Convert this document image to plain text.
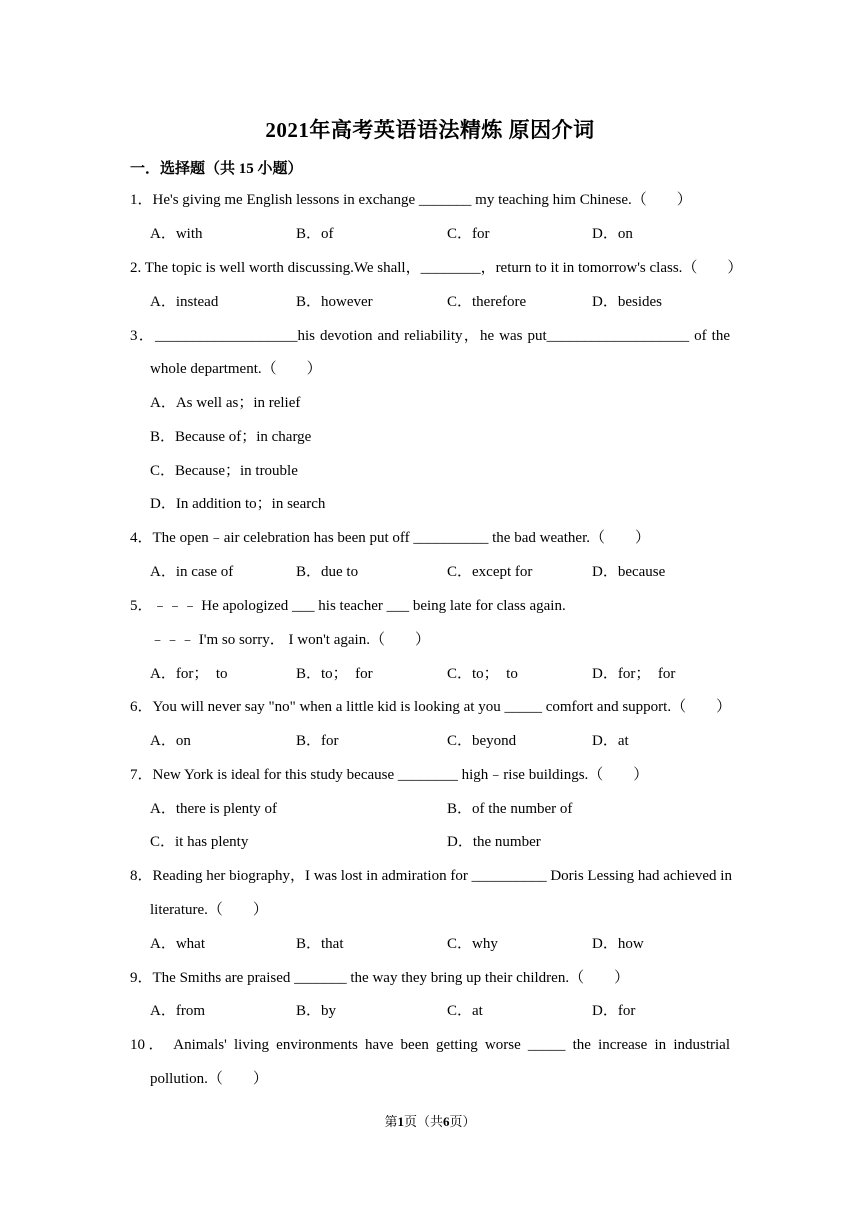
2021年高考英语语法精炼 原因介词
一．选择题（共 15 小题）
1．He's giving me English lessons in exchange _______ my teaching him Chinese.（　　）
A．with	B．of	C．for	D．on
2. The topic is well worth discussing.We shall，________，return to it in tomorrow's class.（　　）
A．instead	B．however	C．therefore	D．besides
3．___________________his devotion and reliability，he was put___________________ of the
whole department.（　　）
A．As well as；in relief
B．Because of；in charge
C．Because；in trouble
D．In addition to；in search
4．The open﹣air celebration has been put off __________ the bad weather.（　　）
A．in case of	B．due to	C．except for	D．because
5．﹣﹣﹣ He apologized ___ his teacher ___ being late for class again.
﹣﹣﹣ I'm so sorry． I won't again.（　　）
A．for；  to	B．to；  for	C．to；  to	D．for；  for
6．You will never say "no" when a little kid is looking at you _____ comfort and support.（　　）
A．on	B．for	C．beyond	D．at
7．New York is ideal for this study because ________ high﹣rise buildings.（　　）
A．there is plenty of	B．of the number of
C．it has plenty	D．the number
8．Reading her biography，I was lost in admiration for __________ Doris Lessing had achieved in
literature.（　　）
A．what	B．that	C．why	D．how
9．The Smiths are praised _______ the way they bring up their children.（　　）
A．from	B．by	C．at	D．for
10． Animals' living environments have been getting worse _____ the increase in industrial
pollution.（　　）
第1页（共6页）
